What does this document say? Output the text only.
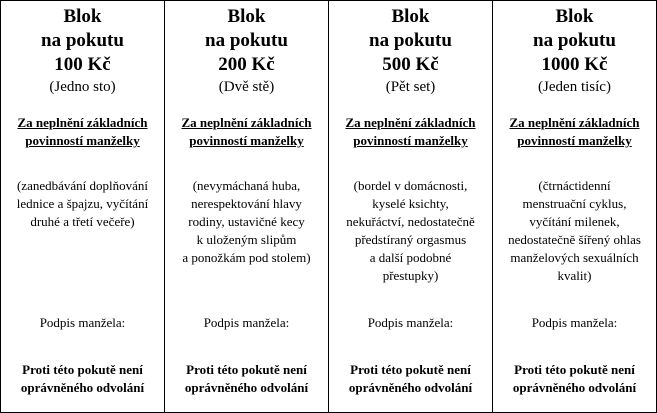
Blok
na pokutu
100 Kč
(Jedno sto)
Za neplnění základních
povinností manželky
(zanedbávání doplňování
lednice a špajzu, vyčítání
druhé a třetí večeře)
Podpis manžela:
Proti této pokutě není
oprávněného odvolání
Blok
na pokutu
200 Kč
(Dvě stě)
Za neplnění základních
povinností manželky
(nevymáchaná huba,
nerespektování hlavy
rodiny, ustavičné kecy
k uloženým slipům
a ponožkám pod stolem)
Podpis manžela:
Proti této pokutě není
oprávněného odvolání
Blok
na pokutu
500 Kč
(Pět set)
Za neplnění základních
povinností manželky
(bordel v domácnosti,
kyselé ksichty,
nekuřáctví, nedostatečně
předstíraný orgasmus
a další podobné
přestupky)
Podpis manžela:
Proti této pokutě není
oprávněného odvolání
Blok
na pokutu
1000 Kč
(Jeden tisíc)
Za neplnění základních
povinností manželky
(čtrnáctidenní
menstruační cyklus,
vyčítání milenek,
nedostatečně šířený ohlas
manželových sexuálních
kvalit)
Podpis manžela:
Proti této pokutě není
oprávněného odvolání
